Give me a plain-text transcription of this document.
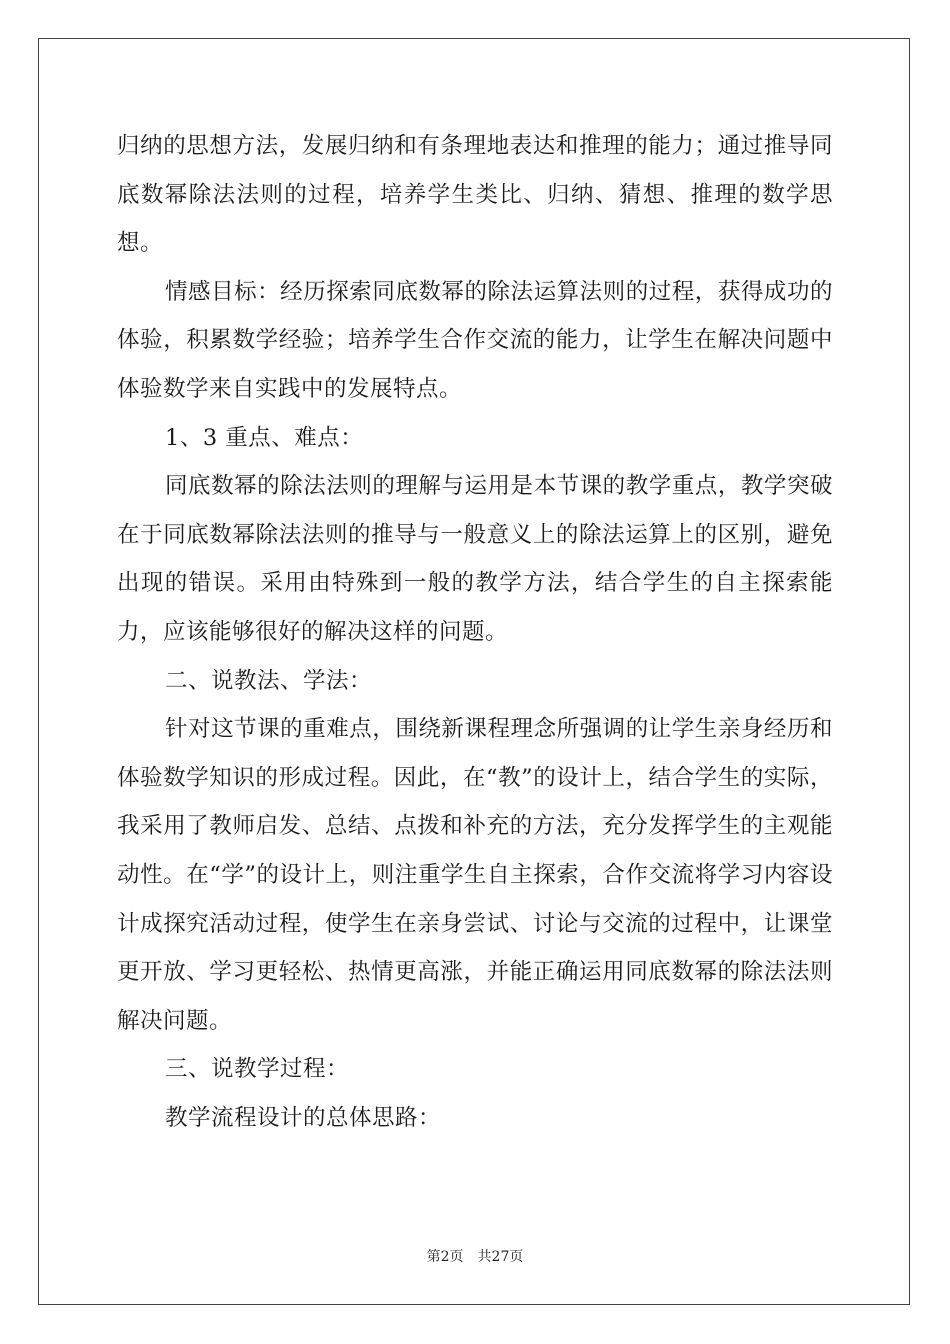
归纳的思想方法，发展归纳和有条理地表达和推理的能力；通过推导同底数幂除法法则的过程，培养学生类比、归纳、猜想、推理的数学思想。

情感目标：经历探索同底数幂的除法运算法则的过程，获得成功的体验，积累数学经验；培养学生合作交流的能力，让学生在解决问题中体验数学来自实践中的发展特点。

1、3 重点、难点：

同底数幂的除法法则的理解与运用是本节课的教学重点，教学突破在于同底数幂除法法则的推导与一般意义上的除法运算上的区别，避免出现的错误。采用由特殊到一般的教学方法，结合学生的自主探索能力，应该能够很好的解决这样的问题。

二、说教法、学法：

针对这节课的重难点，围绕新课程理念所强调的让学生亲身经历和体验数学知识的形成过程。因此，在“教”的设计上，结合学生的实际，我采用了教师启发、总结、点拨和补充的方法，充分发挥学生的主观能动性。在“学”的设计上，则注重学生自主探索，合作交流将学习内容设计成探究活动过程，使学生在亲身尝试、讨论与交流的过程中，让课堂更开放、学习更轻松、热情更高涨，并能正确运用同底数幂的除法法则解决问题。

三、说教学过程：

教学流程设计的总体思路：

第2页 共27页
